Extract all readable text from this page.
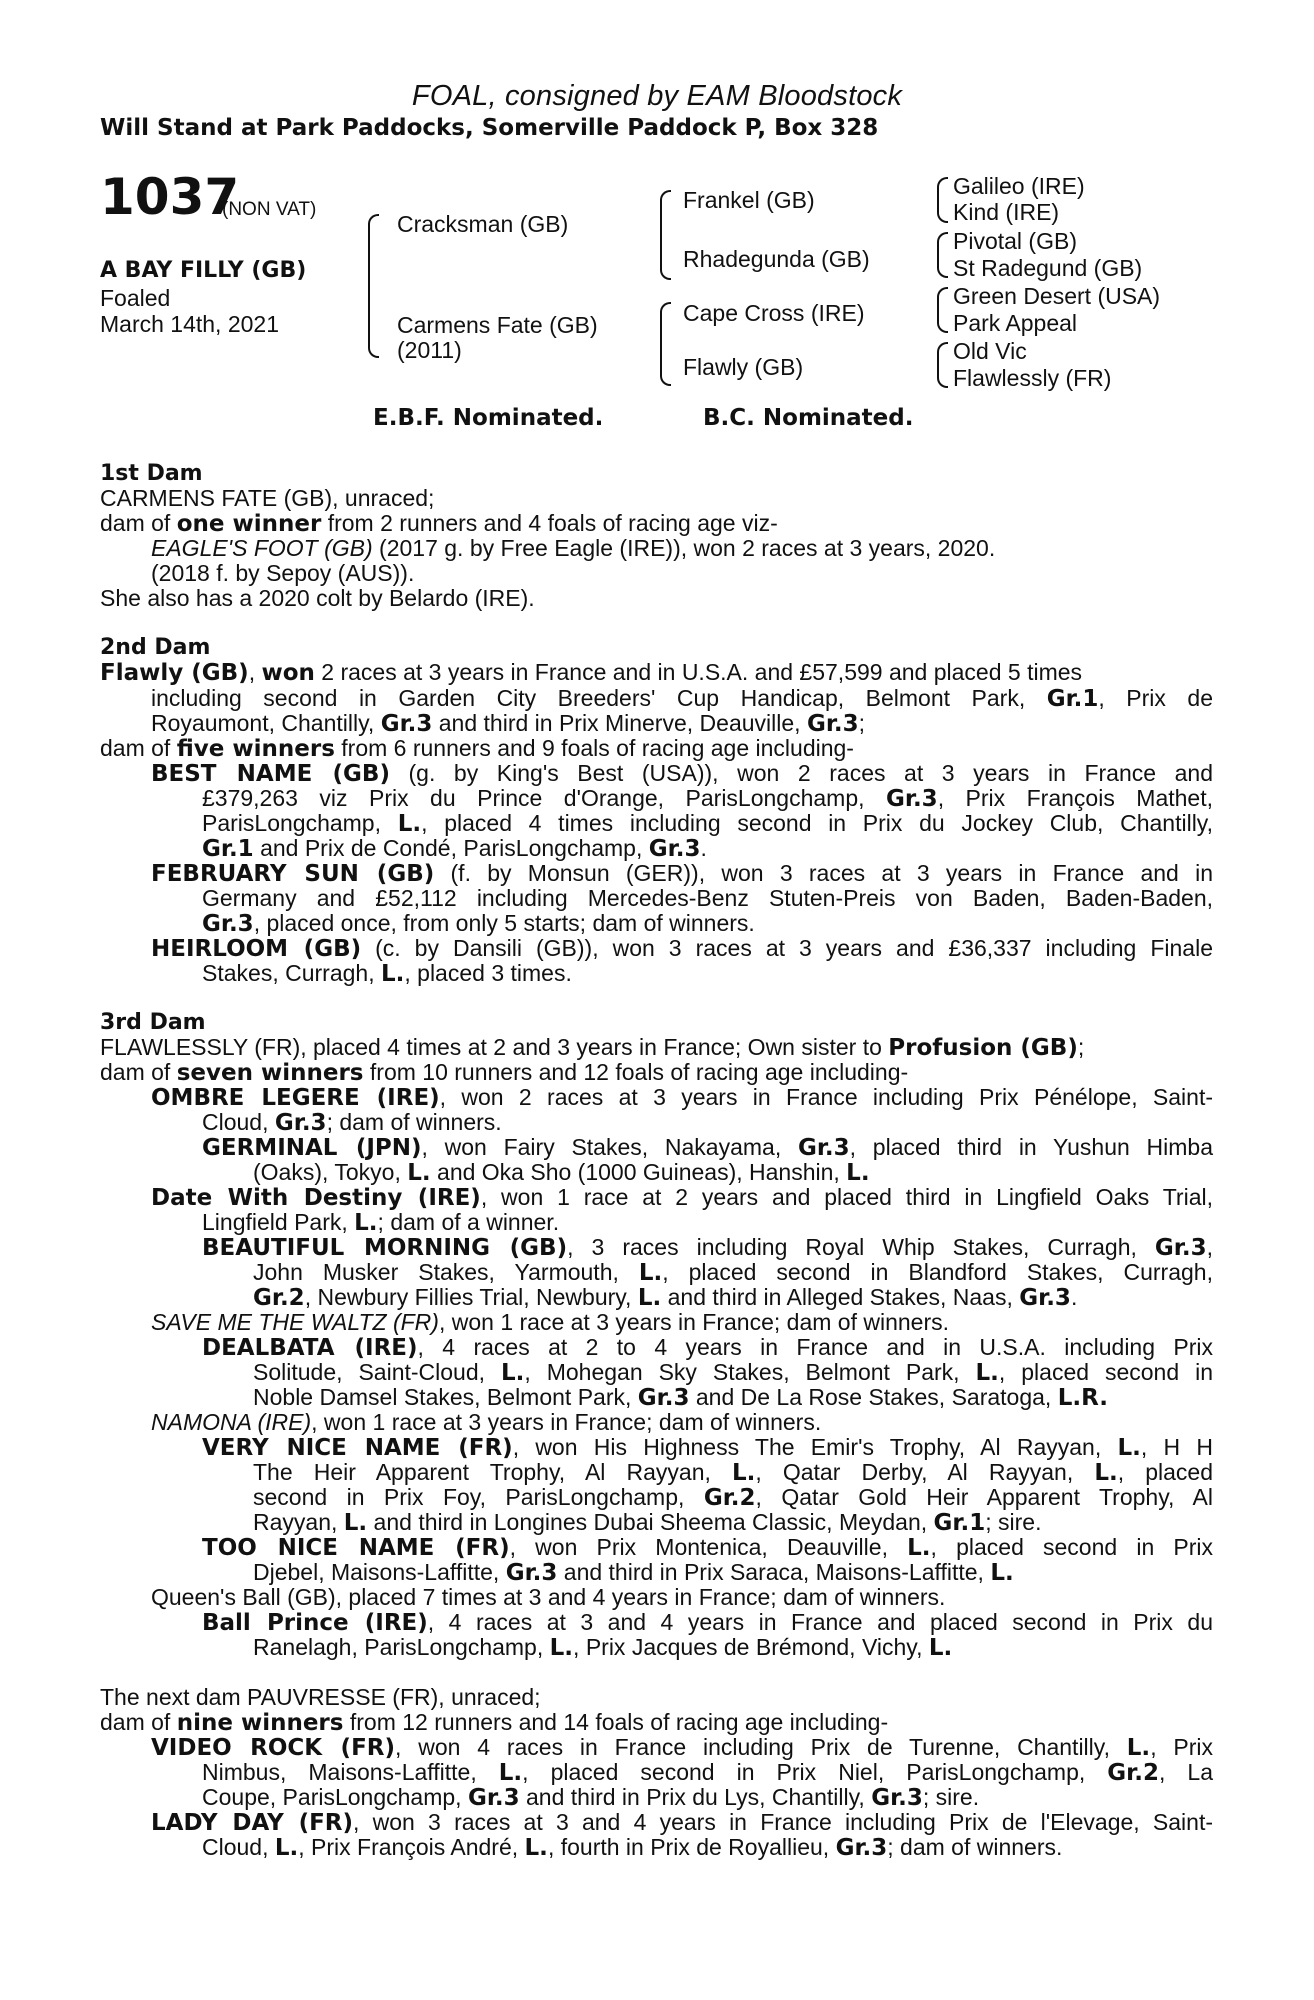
FOAL, consigned by EAM Bloodstock
Will Stand at Park Paddocks, Somerville Paddock P, Box 328
1037
(NON VAT)
A BAY FILLY (GB)
Foaled
March 14th, 2021
Cracksman (GB)
Carmens Fate (GB)
(2011)
Frankel (GB)
Rhadegunda (GB)
Cape Cross (IRE)
Flawly (GB)
Galileo (IRE)
Kind (IRE)
Pivotal (GB)
St Radegund (GB)
Green Desert (USA)
Park Appeal
Old Vic
Flawlessly (FR)
E.B.F. Nominated.	B.C. Nominated.
1st Dam
CARMENS FATE (GB), unraced;
dam of one winner from 2 runners and 4 foals of racing age viz-
EAGLE'S FOOT (GB) (2017 g. by Free Eagle (IRE)), won 2 races at 3 years, 2020.
(2018 f. by Sepoy (AUS)).
She also has a 2020 colt by Belardo (IRE).
2nd Dam
Flawly (GB), won 2 races at 3 years in France and in U.S.A. and £57,599 and placed 5 times
including second in Garden City Breeders' Cup Handicap, Belmont Park, Gr.1, Prix de
Royaumont, Chantilly, Gr.3 and third in Prix Minerve, Deauville, Gr.3;
dam of five winners from 6 runners and 9 foals of racing age including-
BEST NAME (GB) (g. by King's Best (USA)), won 2 races at 3 years in France and
£379,263 viz Prix du Prince d'Orange, ParisLongchamp, Gr.3, Prix François Mathet,
ParisLongchamp, L., placed 4 times including second in Prix du Jockey Club, Chantilly,
Gr.1 and Prix de Condé, ParisLongchamp, Gr.3.
FEBRUARY SUN (GB) (f. by Monsun (GER)), won 3 races at 3 years in France and in
Germany and £52,112 including Mercedes-Benz Stuten-Preis von Baden, Baden-Baden,
Gr.3, placed once, from only 5 starts; dam of winners.
HEIRLOOM (GB) (c. by Dansili (GB)), won 3 races at 3 years and £36,337 including Finale
Stakes, Curragh, L., placed 3 times.
3rd Dam
FLAWLESSLY (FR), placed 4 times at 2 and 3 years in France; Own sister to Profusion (GB);
dam of seven winners from 10 runners and 12 foals of racing age including-
OMBRE LEGERE (IRE), won 2 races at 3 years in France including Prix Pénélope, Saint-
Cloud, Gr.3; dam of winners.
GERMINAL (JPN), won Fairy Stakes, Nakayama, Gr.3, placed third in Yushun Himba
(Oaks), Tokyo, L. and Oka Sho (1000 Guineas), Hanshin, L.
Date With Destiny (IRE), won 1 race at 2 years and placed third in Lingfield Oaks Trial,
Lingfield Park, L.; dam of a winner.
BEAUTIFUL MORNING (GB), 3 races including Royal Whip Stakes, Curragh, Gr.3,
John Musker Stakes, Yarmouth, L., placed second in Blandford Stakes, Curragh,
Gr.2, Newbury Fillies Trial, Newbury, L. and third in Alleged Stakes, Naas, Gr.3.
SAVE ME THE WALTZ (FR), won 1 race at 3 years in France; dam of winners.
DEALBATA (IRE), 4 races at 2 to 4 years in France and in U.S.A. including Prix
Solitude, Saint-Cloud, L., Mohegan Sky Stakes, Belmont Park, L., placed second in
Noble Damsel Stakes, Belmont Park, Gr.3 and De La Rose Stakes, Saratoga, L.R.
NAMONA (IRE), won 1 race at 3 years in France; dam of winners.
VERY NICE NAME (FR), won His Highness The Emir's Trophy, Al Rayyan, L., H H
The Heir Apparent Trophy, Al Rayyan, L., Qatar Derby, Al Rayyan, L., placed
second in Prix Foy, ParisLongchamp, Gr.2, Qatar Gold Heir Apparent Trophy, Al
Rayyan, L. and third in Longines Dubai Sheema Classic, Meydan, Gr.1; sire.
TOO NICE NAME (FR), won Prix Montenica, Deauville, L., placed second in Prix
Djebel, Maisons-Laffitte, Gr.3 and third in Prix Saraca, Maisons-Laffitte, L.
Queen's Ball (GB), placed 7 times at 3 and 4 years in France; dam of winners.
Ball Prince (IRE), 4 races at 3 and 4 years in France and placed second in Prix du
Ranelagh, ParisLongchamp, L., Prix Jacques de Brémond, Vichy, L.
The next dam PAUVRESSE (FR), unraced;
dam of nine winners from 12 runners and 14 foals of racing age including-
VIDEO ROCK (FR), won 4 races in France including Prix de Turenne, Chantilly, L., Prix
Nimbus, Maisons-Laffitte, L., placed second in Prix Niel, ParisLongchamp, Gr.2, La
Coupe, ParisLongchamp, Gr.3 and third in Prix du Lys, Chantilly, Gr.3; sire.
LADY DAY (FR), won 3 races at 3 and 4 years in France including Prix de l'Elevage, Saint-
Cloud, L., Prix François André, L., fourth in Prix de Royallieu, Gr.3; dam of winners.
